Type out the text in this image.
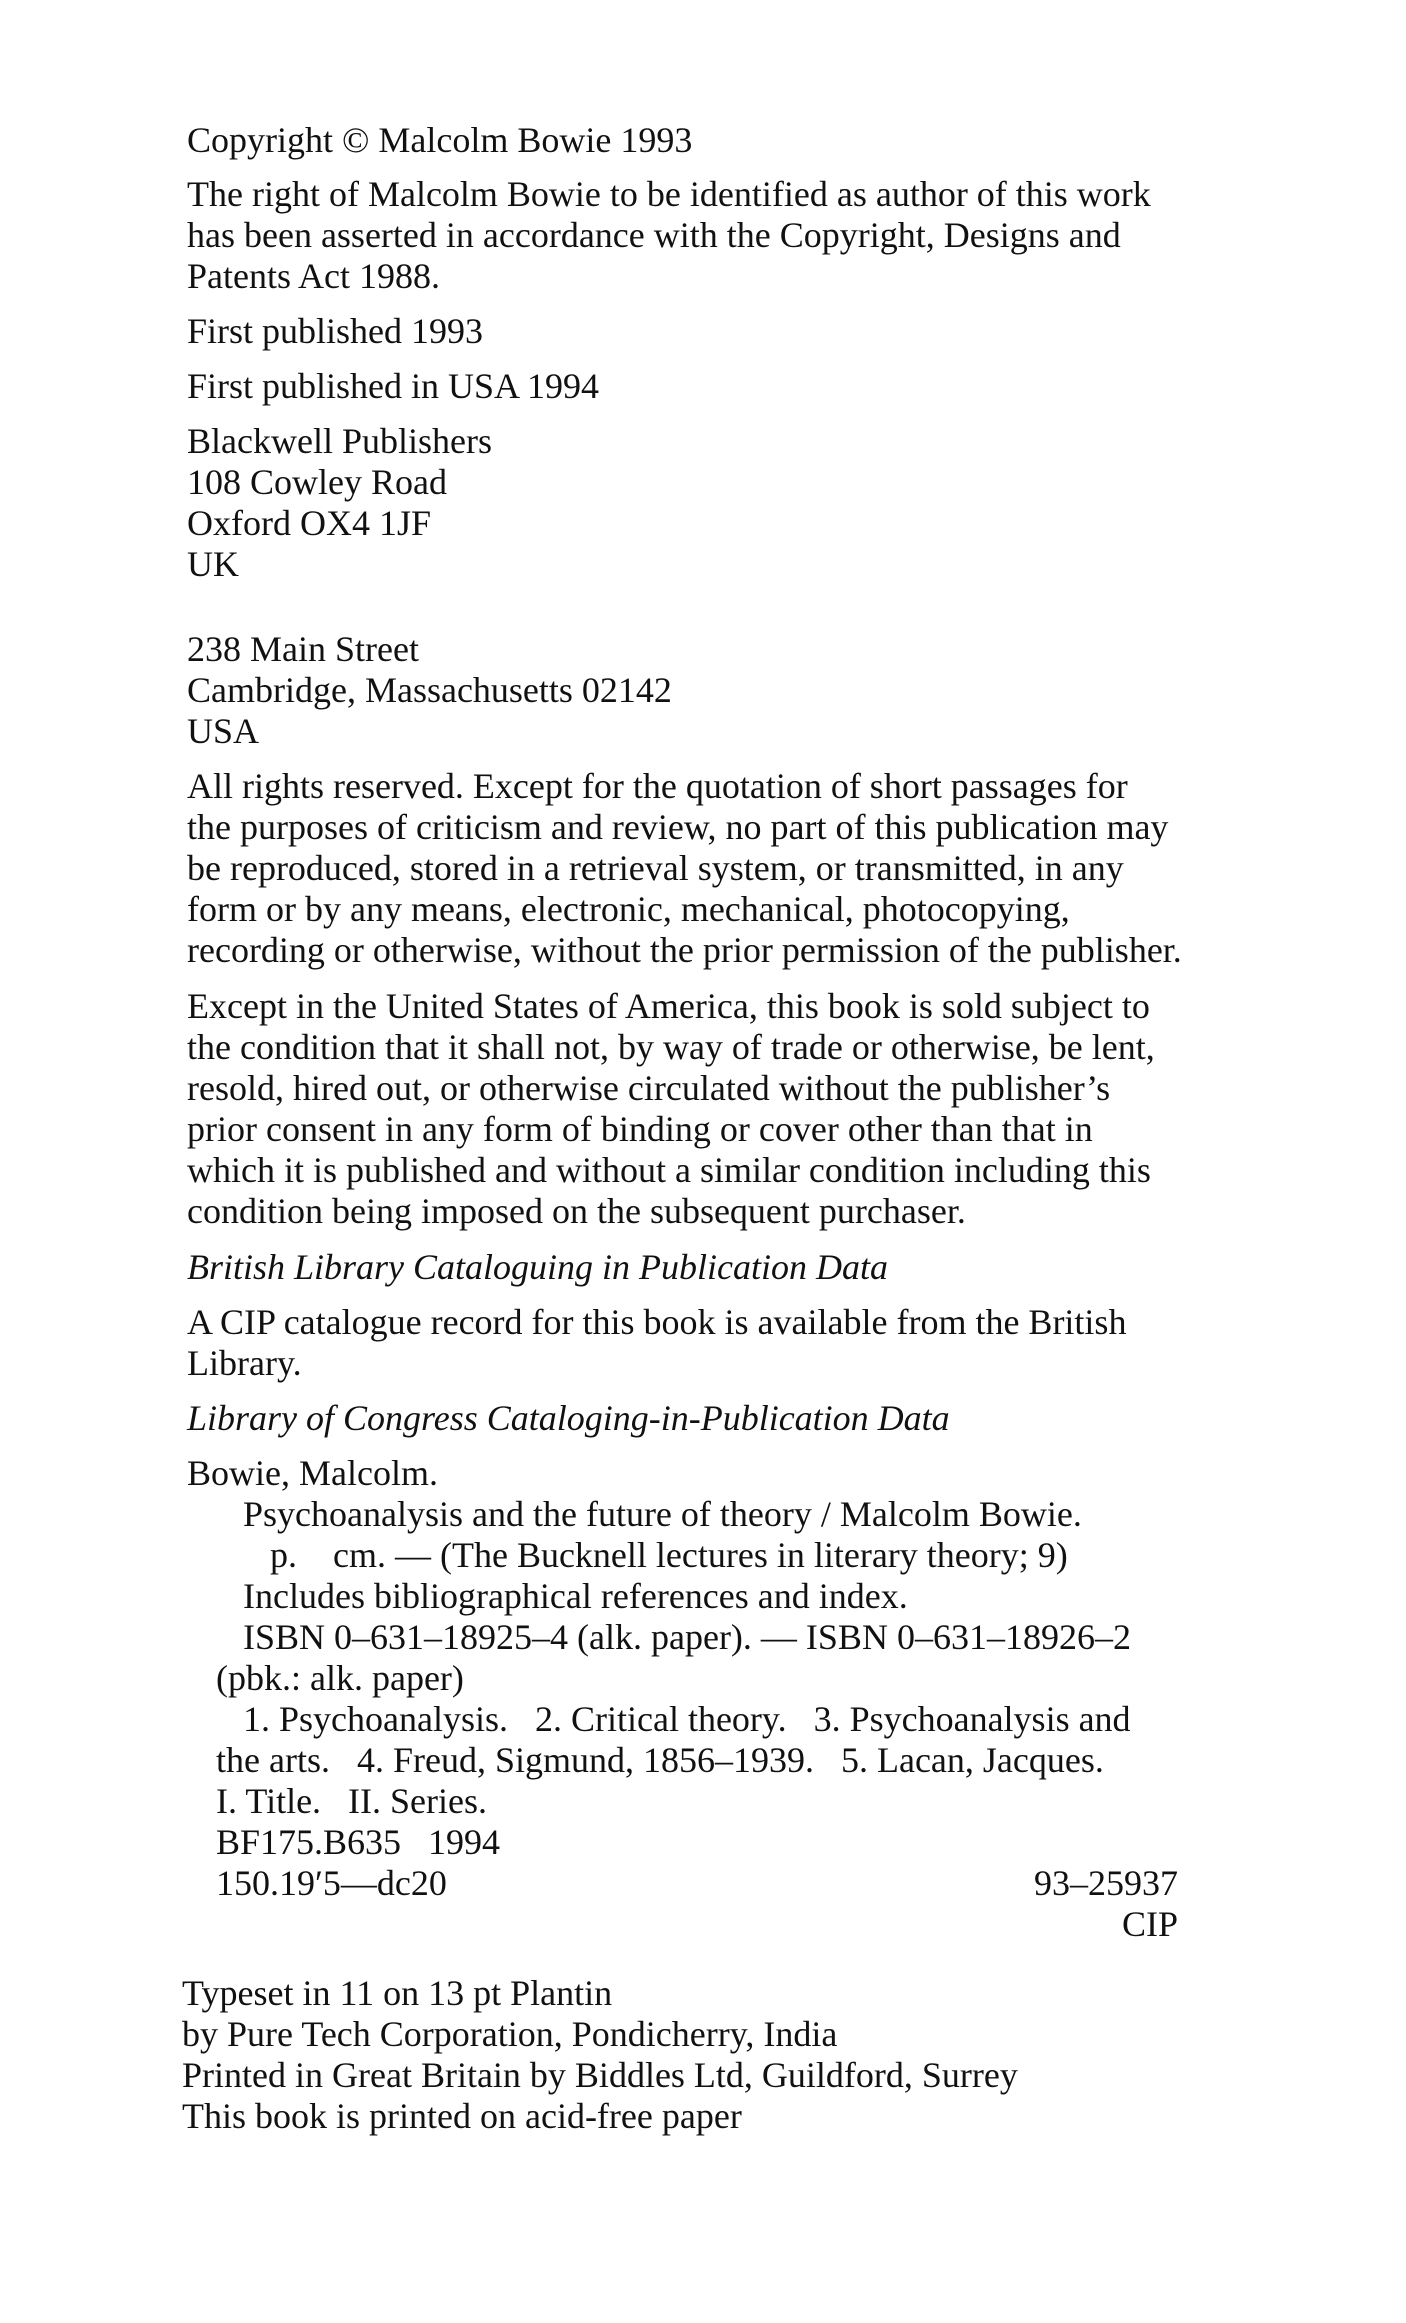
Copyright © Malcolm Bowie 1993
The right of Malcolm Bowie to be identified as author of this work
has been asserted in accordance with the Copyright, Designs and
Patents Act 1988.
First published 1993
First published in USA 1994
Blackwell Publishers
108 Cowley Road
Oxford OX4 1JF
UK
238 Main Street
Cambridge, Massachusetts 02142
USA
All rights reserved. Except for the quotation of short passages for
the purposes of criticism and review, no part of this publication may
be reproduced, stored in a retrieval system, or transmitted, in any
form or by any means, electronic, mechanical, photocopying,
recording or otherwise, without the prior permission of the publisher.
Except in the United States of America, this book is sold subject to
the condition that it shall not, by way of trade or otherwise, be lent,
resold, hired out, or otherwise circulated without the publisher’s
prior consent in any form of binding or cover other than that in
which it is published and without a similar condition including this
condition being imposed on the subsequent purchaser.
British Library Cataloguing in Publication Data
A CIP catalogue record for this book is available from the British
Library.
Library of Congress Cataloging-in-Publication Data
Bowie, Malcolm.
Psychoanalysis and the future of theory / Malcolm Bowie.
p.    cm. — (The Bucknell lectures in literary theory; 9)
Includes bibliographical references and index.
ISBN 0–631–18925–4 (alk. paper). — ISBN 0–631–18926–2
(pbk.: alk. paper)
1. Psychoanalysis.   2. Critical theory.   3. Psychoanalysis and
the arts.   4. Freud, Sigmund, 1856–1939.   5. Lacan, Jacques.
I. Title.   II. Series.
BF175.B635   1994
150.19′5—dc20	93–25937
CIP
Typeset in 11 on 13 pt Plantin
by Pure Tech Corporation, Pondicherry, India
Printed in Great Britain by Biddles Ltd, Guildford, Surrey
This book is printed on acid-free paper
